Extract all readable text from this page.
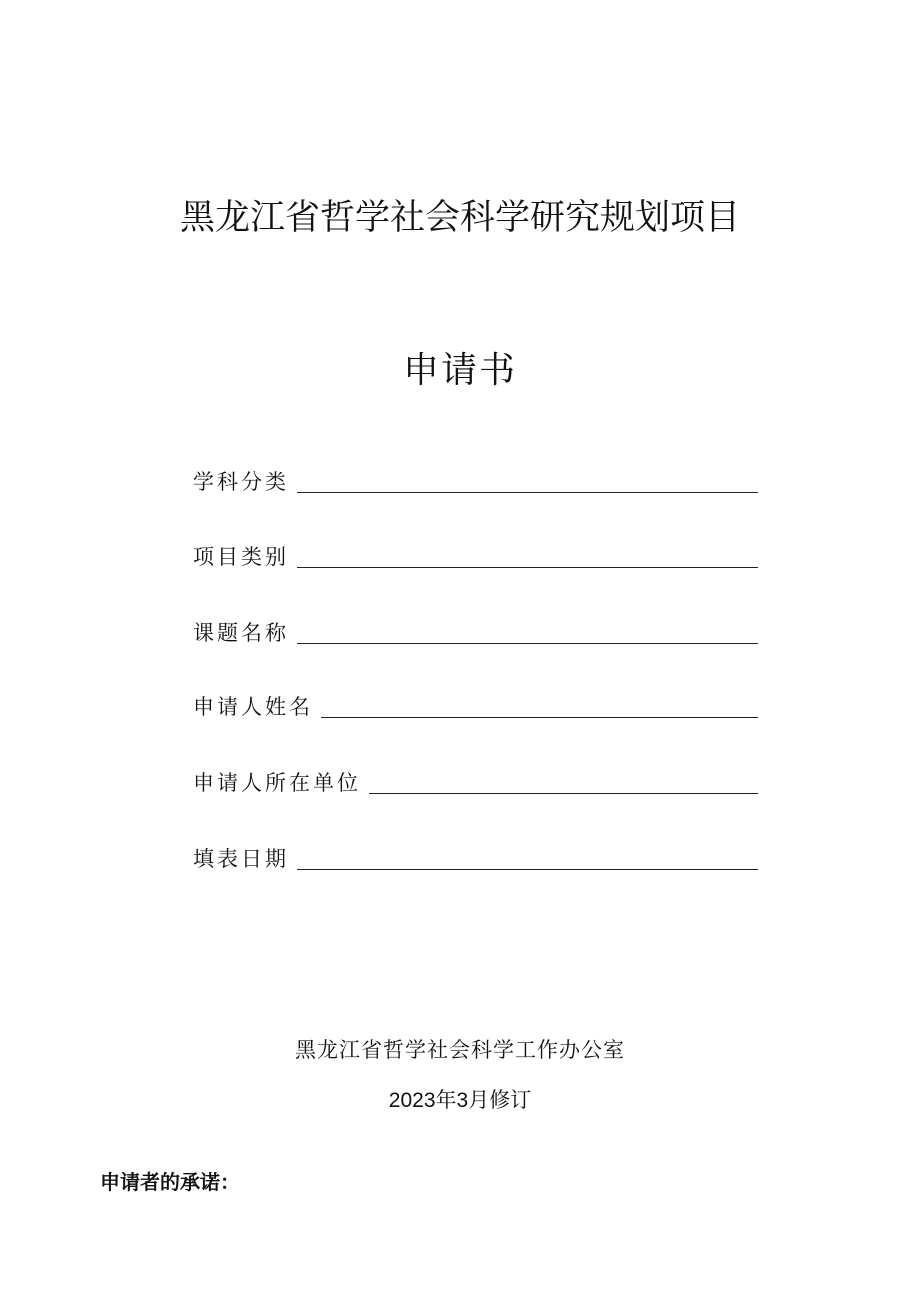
黑龙江省哲学社会科学研究规划项目
申请书
学科分类
项目类别
课题名称
申请人姓名
申请人所在单位
填表日期
黑龙江省哲学社会科学工作办公室
2023年3月修订
申请者的承诺：
